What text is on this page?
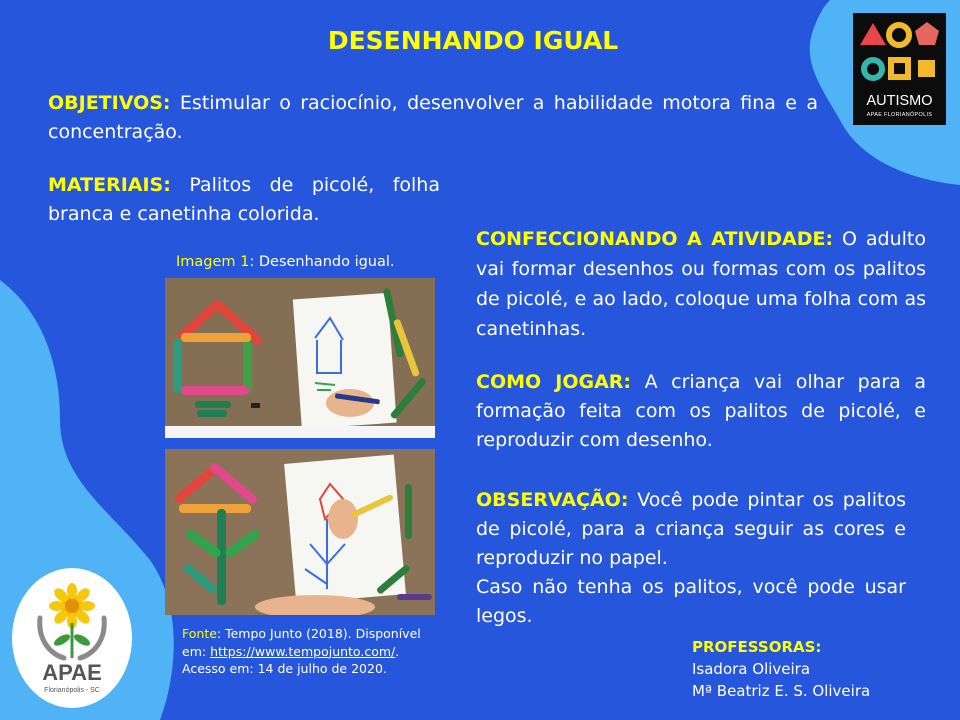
DESENHANDO IGUAL
OBJETIVOS: Estimular o raciocínio, desenvolver a habilidade motora fina e a concentração.
MATERIAIS: Palitos de picolé, folha branca e canetinha colorida.
Imagem 1: Desenhando igual.
Fonte: Tempo Junto (2018). Disponível em: https://www.tempojunto.com/.
Acesso em: 14 de julho de 2020.
CONFECCIONANDO A ATIVIDADE: O adulto vai formar desenhos ou formas com os palitos de picolé, e ao lado, coloque uma folha com as canetinhas.
COMO JOGAR: A criança vai olhar para a formação feita com os palitos de picolé, e reproduzir com desenho.
OBSERVAÇÃO: Você pode pintar os palitos de picolé, para a criança seguir as cores e reproduzir no papel.
Caso não tenha os palitos, você pode usar legos.
PROFESSORAS:
Isadora Oliveira
Mª Beatriz E. S. Oliveira
AUTISMO
APAE FLORIANÓPOLIS
APAE
Florianópolis - SC
